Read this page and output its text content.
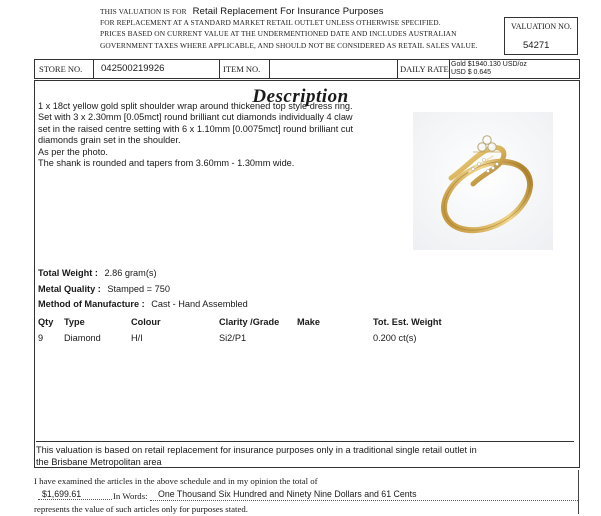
THIS VALUATION IS FOR Retail Replacement For Insurance Purposes
FOR REPLACEMENT AT A STANDARD MARKET RETAIL OUTLET UNLESS OTHERWISE SPECIFIED.
PRICES BASED ON CURRENT VALUE AT THE UNDERMENTIONED DATE AND INCLUDES AUSTRALIAN
GOVERNMENT TAXES WHERE APPLICABLE, AND SHOULD NOT BE CONSIDERED AS RETAIL SALES VALUE.
VALUATION NO.
54271
STORE NO. 042500219926	ITEM NO.	DAILY RATE Gold $1940.130 USD/oz
USD $ 0.645
Description
1 x 18ct yellow gold split shoulder wrap around thickened top style dress ring.
Set with 3 x 2.30mm [0.05mct] round brilliant cut diamonds individually 4 claw
set in the raised centre setting with 6 x 1.10mm [0.0075mct] round brilliant cut
diamonds grain set in the shoulder.
As per the photo.
The shank is rounded and tapers from 3.60mm - 1.30mm wide.
Total Weight : 2.86 gram(s)
Metal Quality : Stamped = 750
Method of Manufacture : Cast - Hand Assembled
Qty Type	Colour	Clarity /Grade Make	Tot. Est. Weight
9 Diamond	H/I	Si2/P1	0.200 ct(s)
This valuation is based on retail replacement for insurance purposes only in a traditional single retail outlet in
the Brisbane Metropolitan area
I have examined the articles in the above schedule and in my opinion the total of
$1,699.61	In Words: One Thousand Six Hundred and Ninety Nine Dollars and 61 Cents
represents the value of such articles only for purposes stated.
